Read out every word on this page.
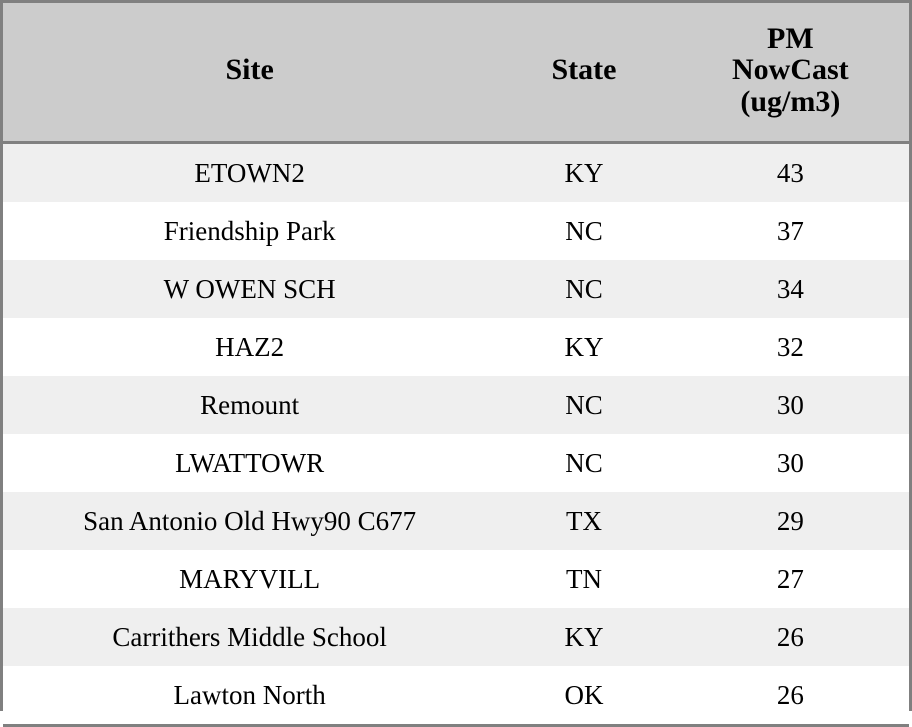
Site	State	PM
NowCast
(ug/m3)

ETOWN2	KY	43
Friendship Park	NC	37
W OWEN SCH	NC	34
HAZ2	KY	32
Remount	NC	30
LWATTOWR	NC	30
San Antonio Old Hwy90 C677	TX	29
MARYVILL	TN	27
Carrithers Middle School	KY	26
Lawton North	OK	26
